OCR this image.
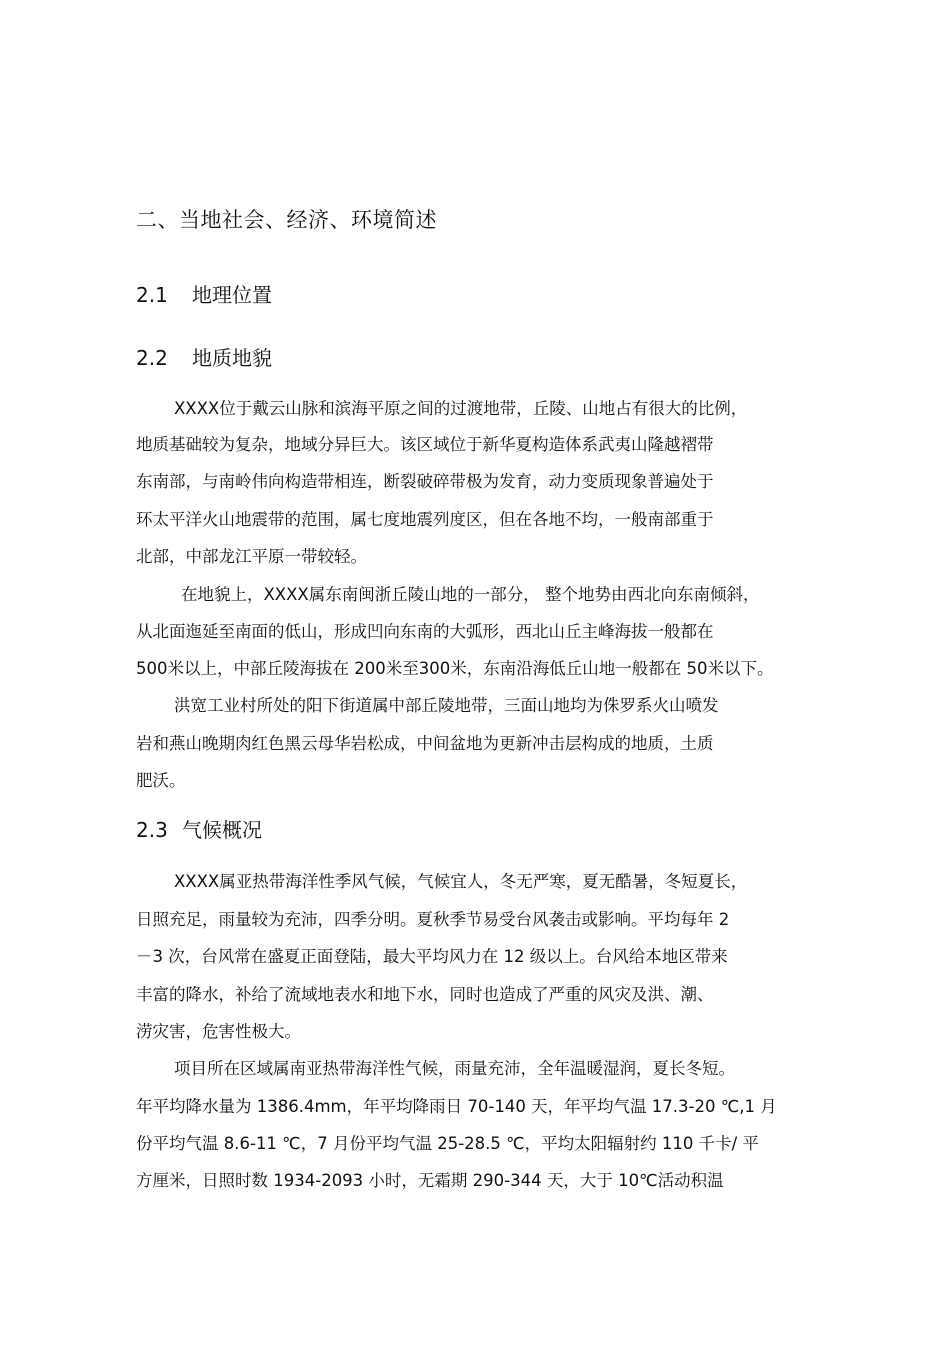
二、当地社会、经济、环境简述
2.1 地理位置
2.2 地质地貌
XXXX位于戴云山脉和滨海平原之间的过渡地带，丘陵、山地占有很大的比例，
地质基础较为复杂，地域分异巨大。该区域位于新华夏构造体系武夷山隆越褶带
东南部，与南岭伟向构造带相连，断裂破碎带极为发育，动力变质现象普遍处于
环太平洋火山地震带的范围，属七度地震列度区，但在各地不均，一般南部重于
北部，中部龙江平原一带较轻。
在地貌上，XXXX属东南闽浙丘陵山地的一部分， 整个地势由西北向东南倾斜，
从北面迤延至南面的低山，形成凹向东南的大弧形，西北山丘主峰海拔一般都在
500米以上，中部丘陵海拔在 200米至300米，东南沿海低丘山地一般都在 50米以下。
洪宽工业村所处的阳下街道属中部丘陵地带，三面山地均为侏罗系火山喷发
岩和燕山晚期肉红色黑云母华岩松成，中间盆地为更新冲击层构成的地质，土质
肥沃。
2.3 气候概况
XXXX属亚热带海洋性季风气候，气候宜人，冬无严寒，夏无酷暑，冬短夏长，
日照充足，雨量较为充沛，四季分明。夏秋季节易受台风袭击或影响。平均每年 2
－3 次，台风常在盛夏正面登陆，最大平均风力在 12 级以上。台风给本地区带来
丰富的降水，补给了流域地表水和地下水，同时也造成了严重的风灾及洪、潮、
涝灾害，危害性极大。
项目所在区域属南亚热带海洋性气候，雨量充沛，全年温暖湿润，夏长冬短。
年平均降水量为 1386.4mm，年平均降雨日 70-140 天，年平均气温 17.3-20 ℃,1 月
份平均气温 8.6-11 ℃，7 月份平均气温 25-28.5 ℃，平均太阳辐射约 110 千卡/ 平
方厘米，日照时数 1934-2093 小时，无霜期 290-344 天，大于 10℃活动积温
